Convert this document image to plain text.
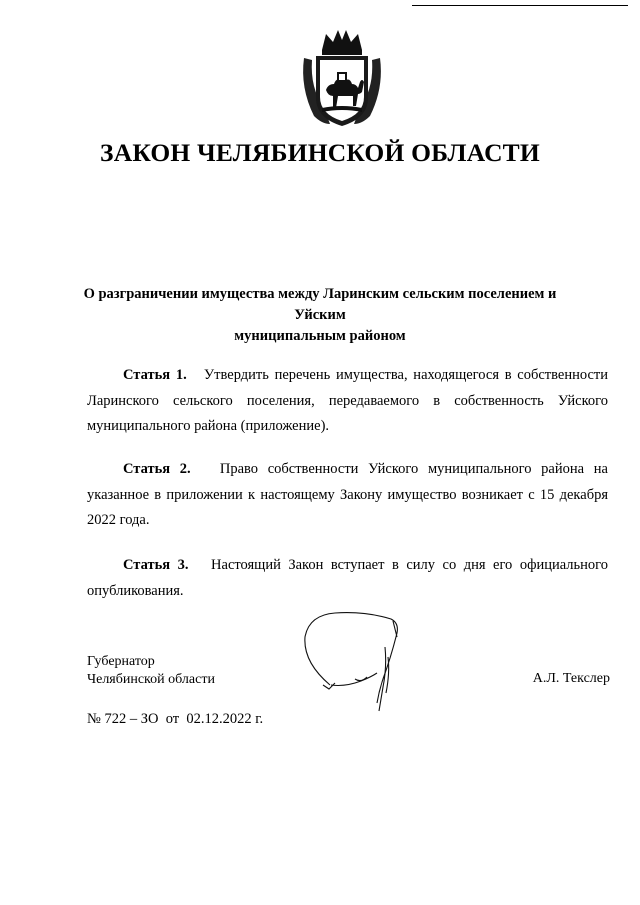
ЗАКОН ЧЕЛЯБИНСКОЙ ОБЛАСТИ
О разграничении имущества между Ларинским сельским поселением и Уйским
муниципальным районом
Статья 1. Утвердить перечень имущества, находящегося в собственности
Ларинского сельского поселения, передаваемого в собственность Уйского
муниципального района (приложение).
Статья 2. Право собственности Уйского муниципального района на
указанное в приложении к настоящему Закону имущество возникает с 15 декабря
2022 года.
Статья 3. Настоящий Закон вступает в силу со дня его официального
опубликования.
Губернатор
Челябинской области	А.Л. Текслер
№ 722 – ЗО от 02.12.2022 г.
